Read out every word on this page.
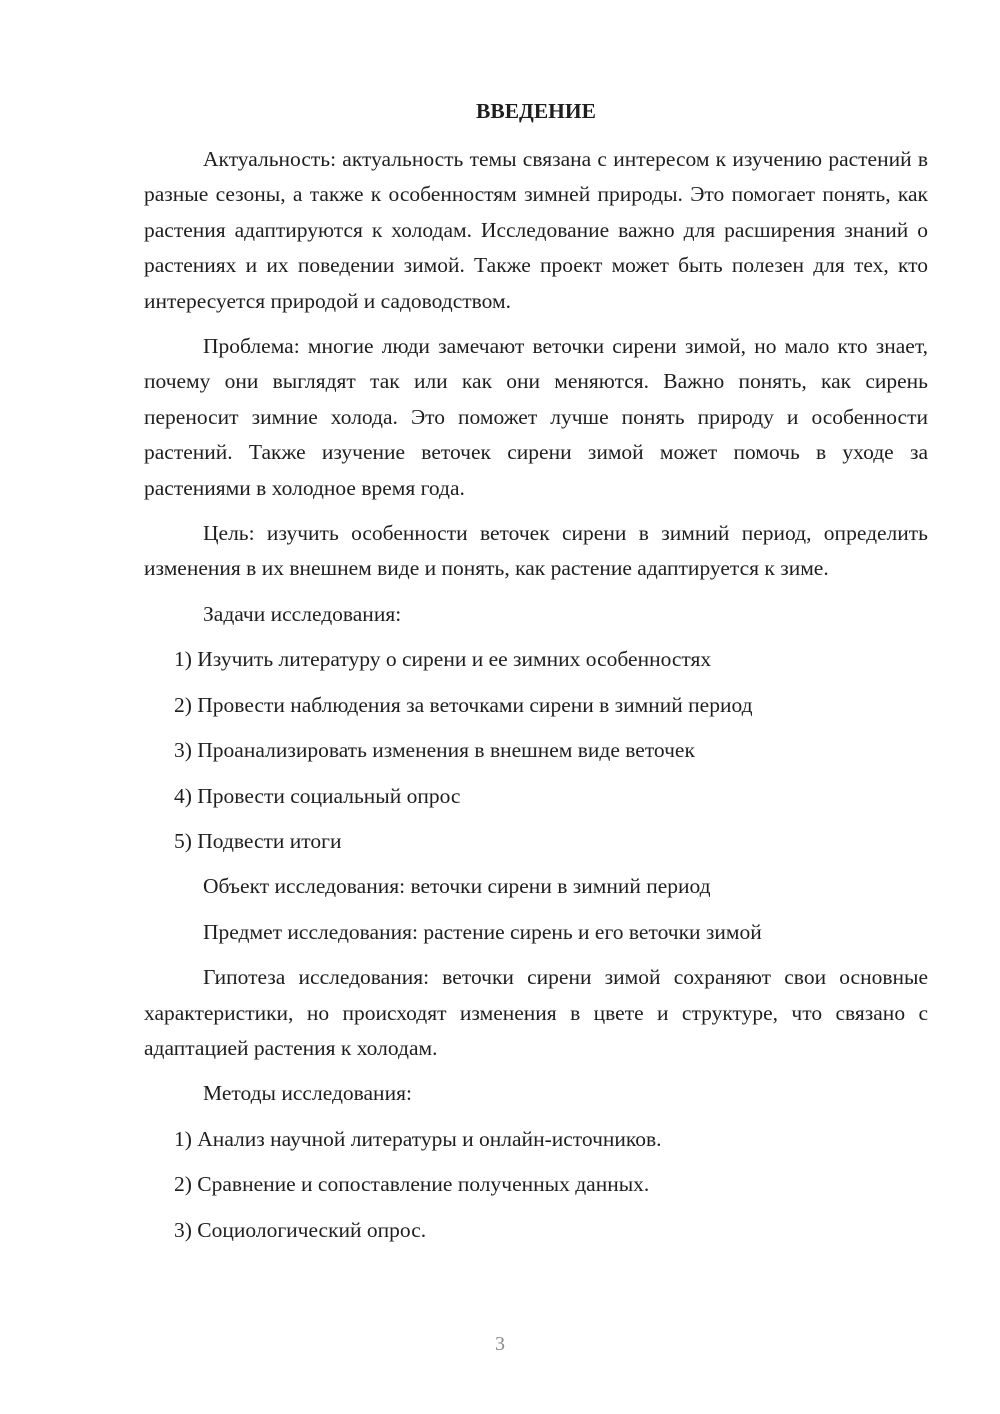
ВВЕДЕНИЕ

Актуальность: актуальность темы связана с интересом к изучению растений в разные сезоны, а также к особенностям зимней природы. Это помогает понять, как растения адаптируются к холодам. Исследование важно для расширения знаний о растениях и их поведении зимой. Также проект может быть полезен для тех, кто интересуется природой и садоводством.

Проблема: многие люди замечают веточки сирени зимой, но мало кто знает, почему они выглядят так или как они меняются. Важно понять, как сирень переносит зимние холода. Это поможет лучше понять природу и особенности растений. Также изучение веточек сирени зимой может помочь в уходе за растениями в холодное время года.

Цель: изучить особенности веточек сирени в зимний период, определить изменения в их внешнем виде и понять, как растение адаптируется к зиме.

Задачи исследования:
1) Изучить литературу о сирени и ее зимних особенностях
2) Провести наблюдения за веточками сирени в зимний период
3) Проанализировать изменения в внешнем виде веточек
4) Провести социальный опрос
5) Подвести итоги
Объект исследования: веточки сирени в зимний период
Предмет исследования: растение сирень и его веточки зимой

Гипотеза исследования: веточки сирени зимой сохраняют свои основные характеристики, но происходят изменения в цвете и структуре, что связано с адаптацией растения к холодам.

Методы исследования:
1) Анализ научной литературы и онлайн-источников.
2) Сравнение и сопоставление полученных данных.
3) Социологический опрос.
3
